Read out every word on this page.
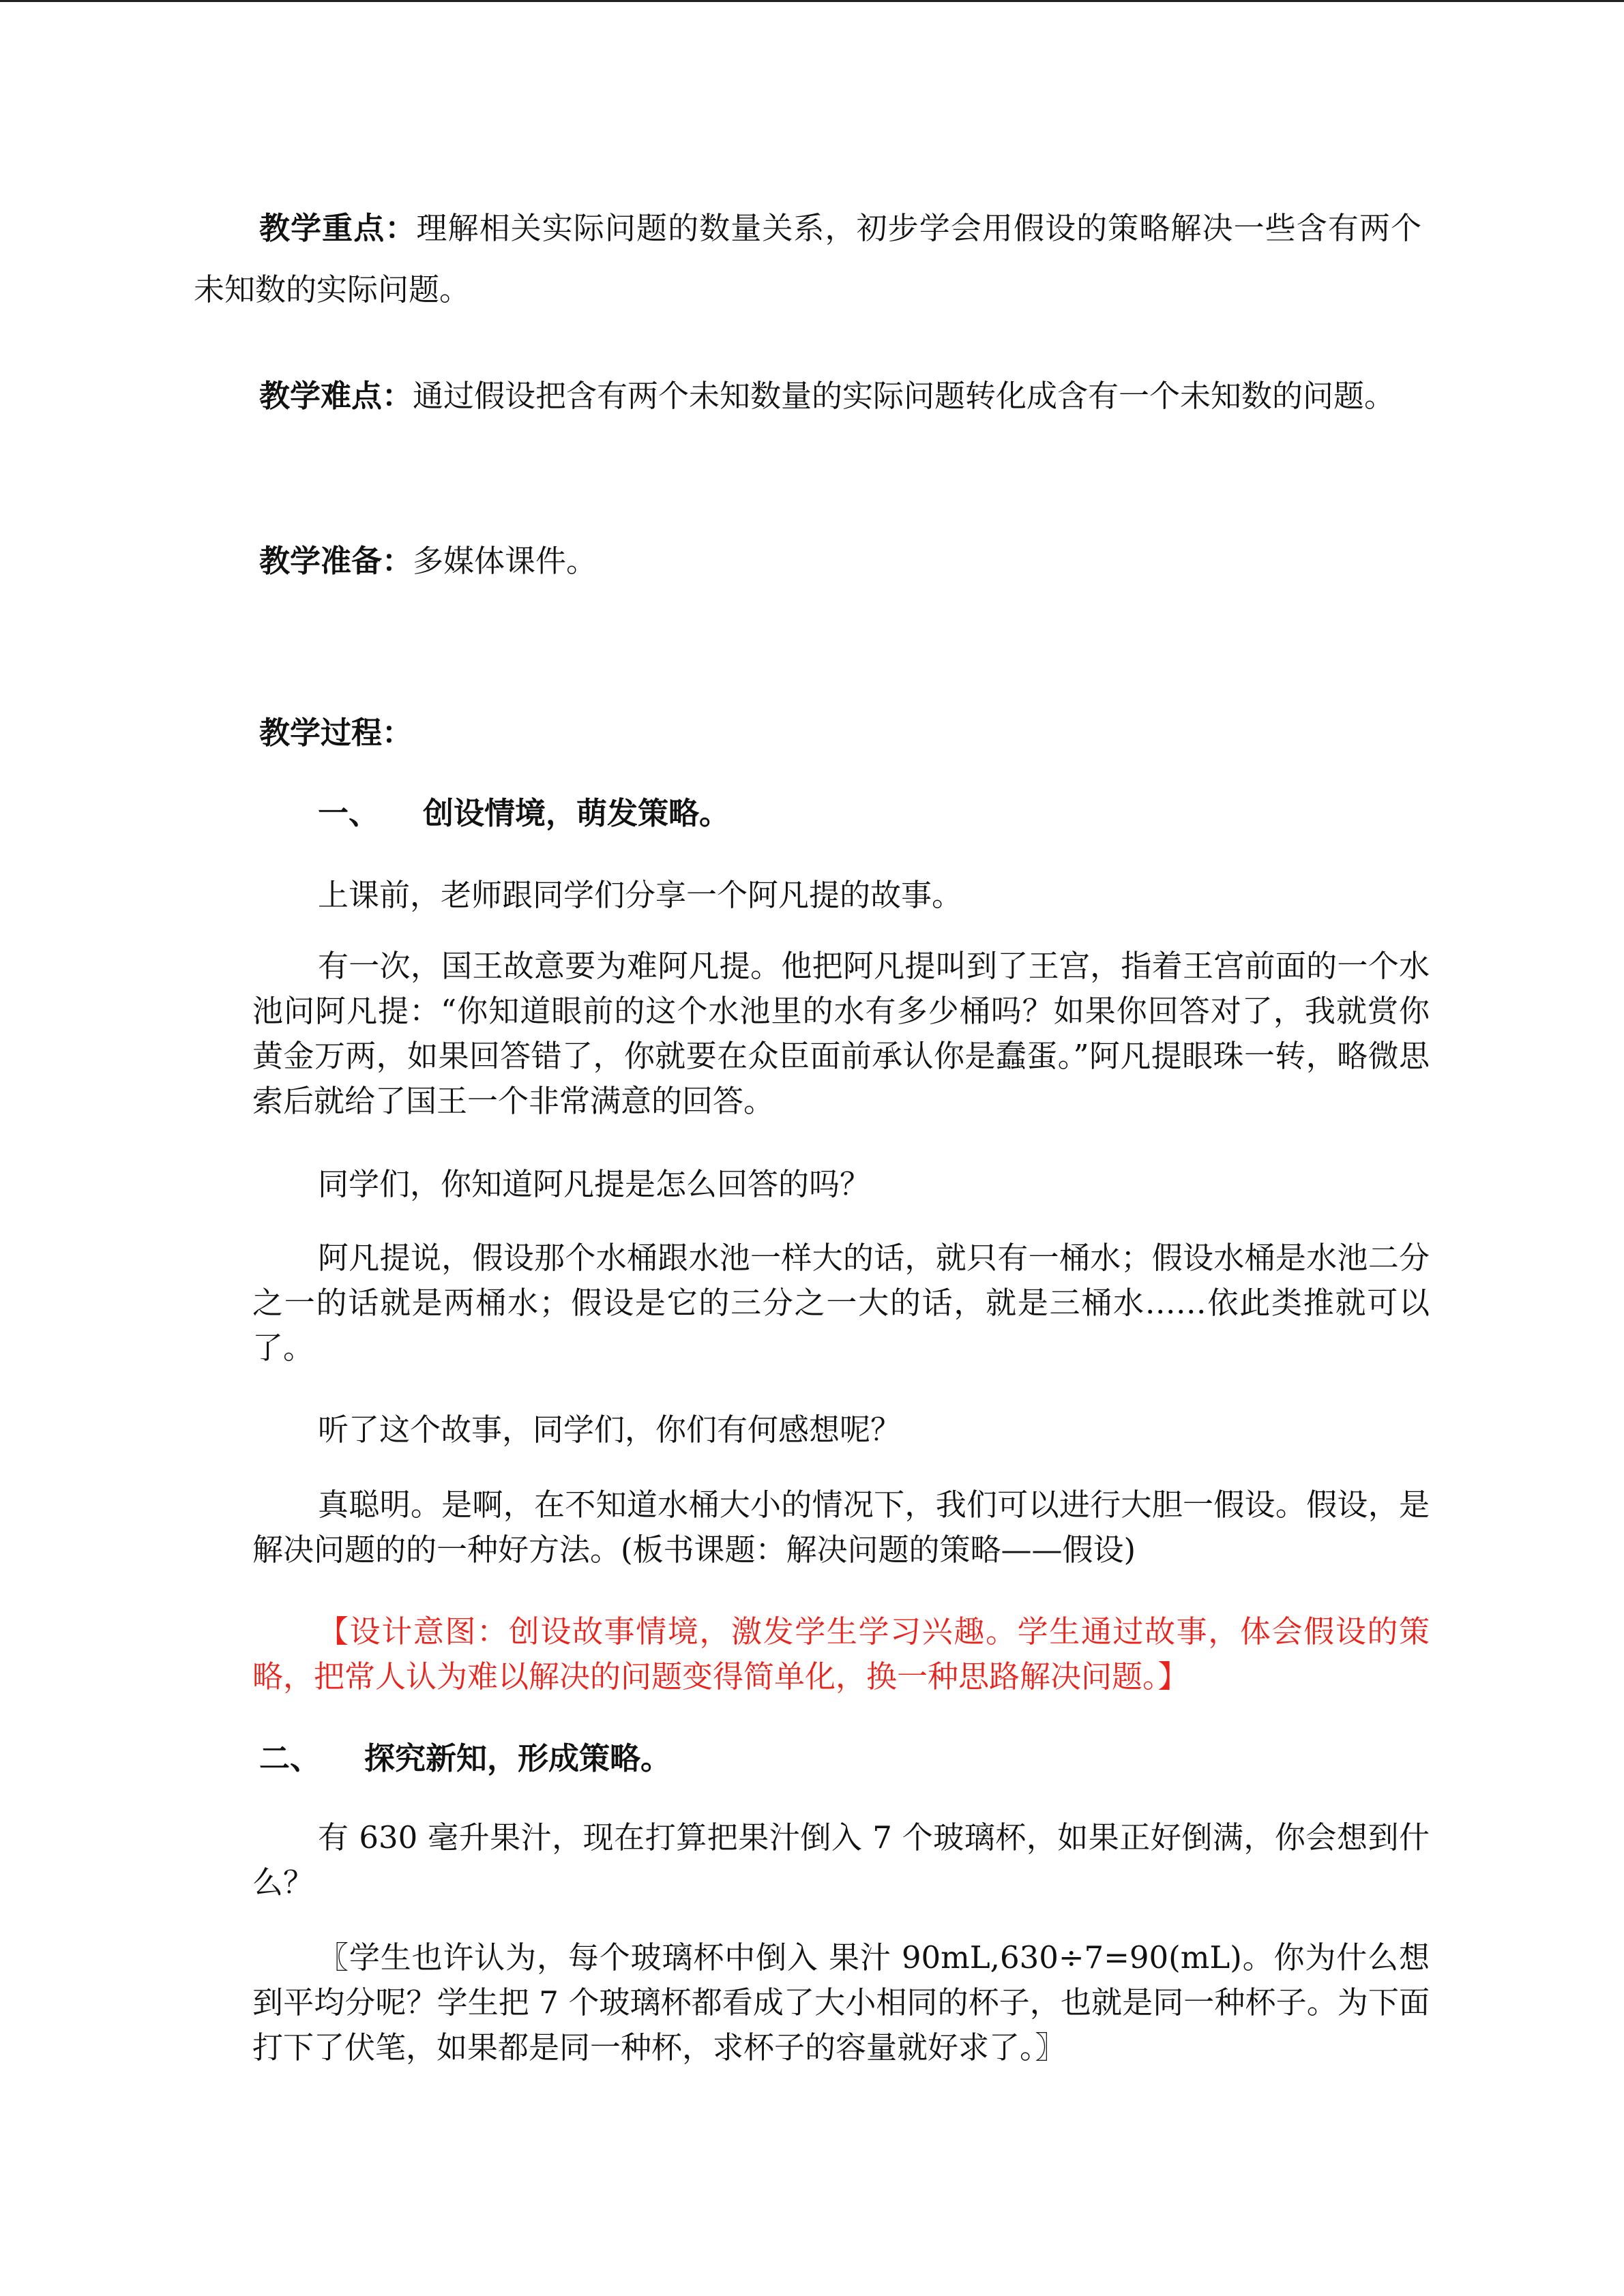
教学重点：理解相关实际问题的数量关系，初步学会用假设的策略解决一些含有两个未知数的实际问题。

教学难点：通过假设把含有两个未知数量的实际问题转化成含有一个未知数的问题。

教学准备：多媒体课件。

教学过程：

一、 创设情境，萌发策略。

上课前，老师跟同学们分享一个阿凡提的故事。

有一次，国王故意要为难阿凡提。他把阿凡提叫到了王宫，指着王宫前面的一个水池问阿凡提：“你知道眼前的这个水池里的水有多少桶吗？如果你回答对了，我就赏你黄金万两，如果回答错了，你就要在众臣面前承认你是蠢蛋。”阿凡提眼珠一转，略微思索后就给了国王一个非常满意的回答。

同学们，你知道阿凡提是怎么回答的吗？

阿凡提说，假设那个水桶跟水池一样大的话，就只有一桶水；假设水桶是水池二分之一的话就是两桶水；假设是它的三分之一大的话，就是三桶水……依此类推就可以了。

听了这个故事，同学们，你们有何感想呢？

真聪明。是啊，在不知道水桶大小的情况下，我们可以进行大胆一假设。假设，是解决问题的的一种好方法。(板书课题：解决问题的策略——假设)

【设计意图：创设故事情境，激发学生学习兴趣。学生通过故事，体会假设的策略，把常人认为难以解决的问题变得简单化，换一种思路解决问题。】

二、 探究新知，形成策略。

有 630 毫升果汁，现在打算把果汁倒入 7 个玻璃杯，如果正好倒满，你会想到什么？

〖学生也许认为，每个玻璃杯中倒入 果汁 90mL,630÷7=90(mL)。你为什么想到平均分呢？学生把 7 个玻璃杯都看成了大小相同的杯子，也就是同一种杯子。为下面打下了伏笔，如果都是同一种杯，求杯子的容量就好求了。〗
